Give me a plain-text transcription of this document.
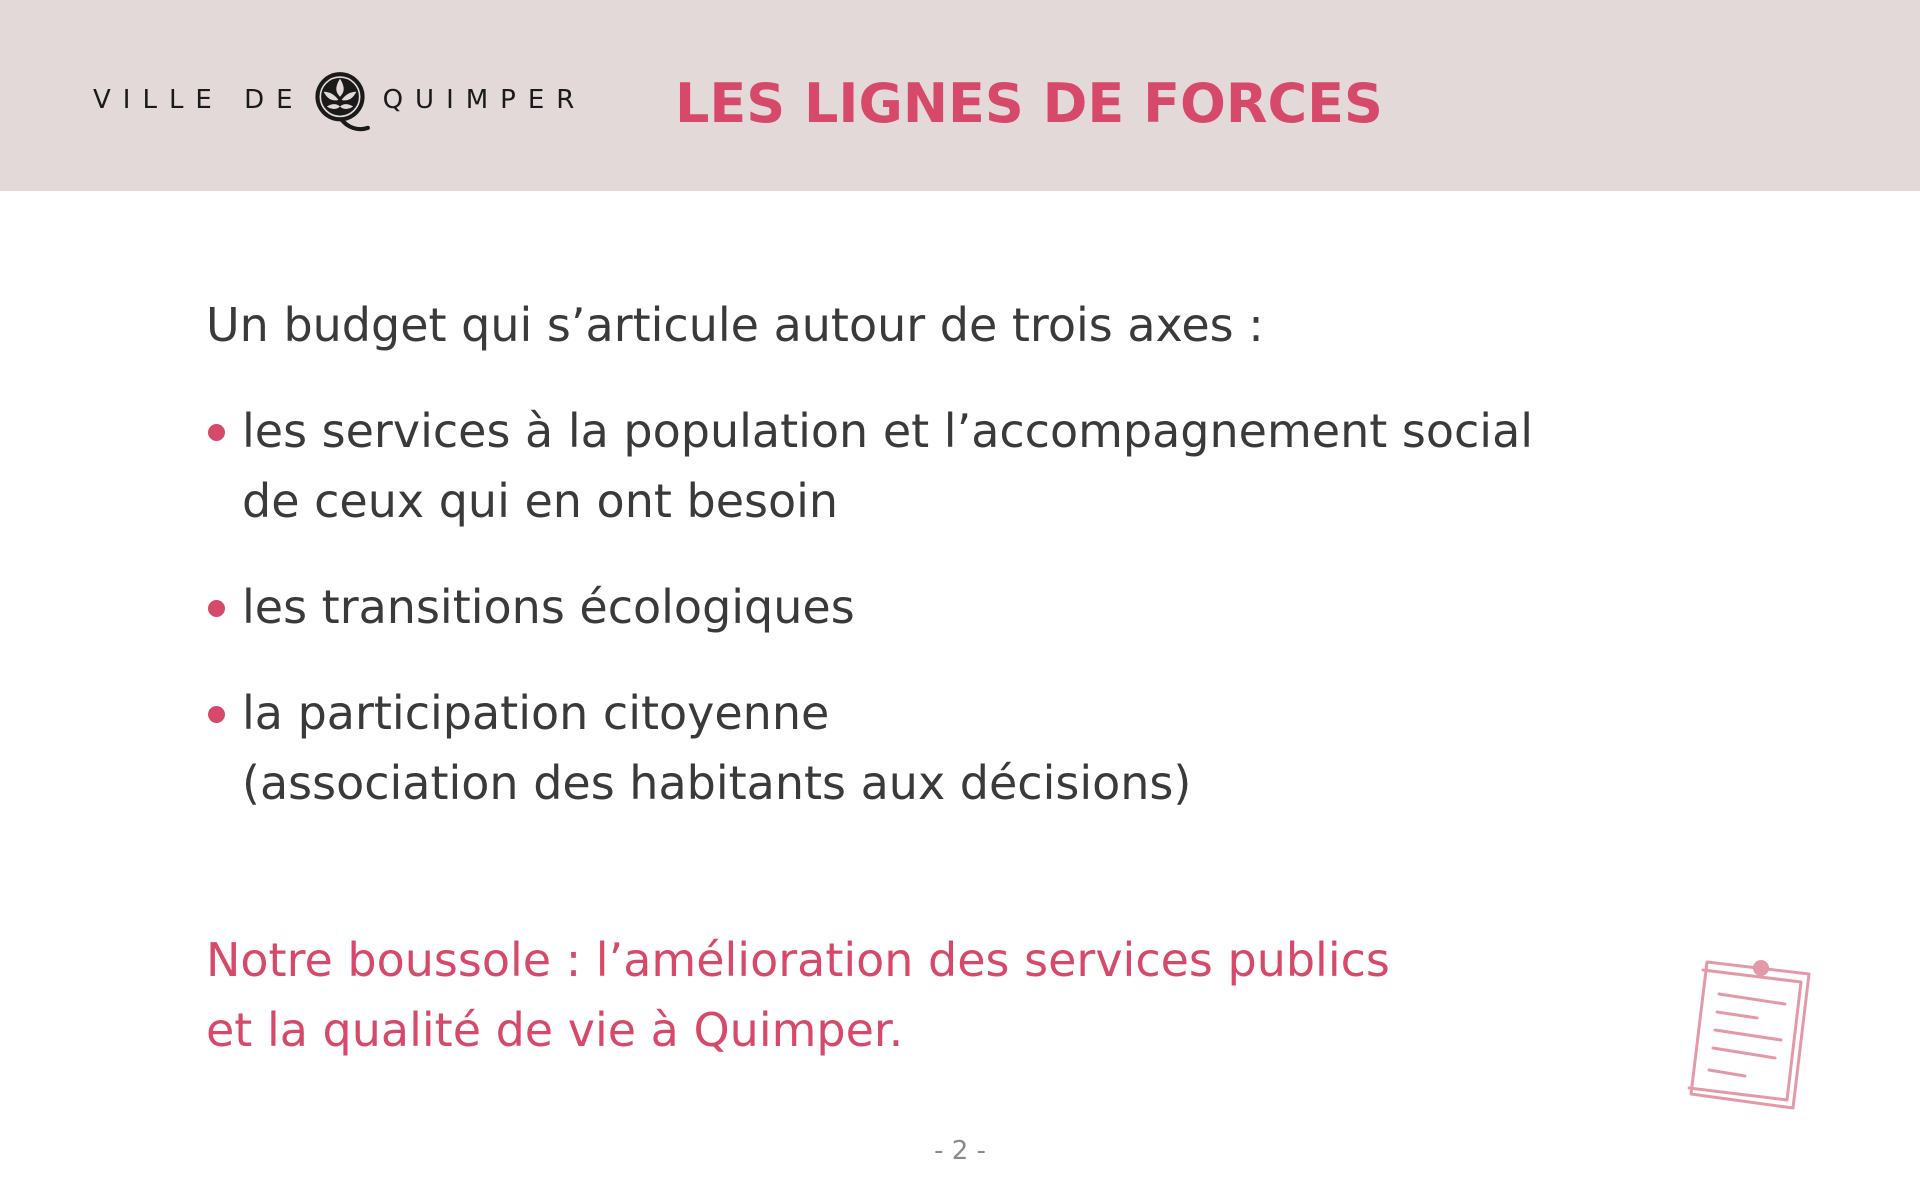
VILLE DE	QUIMPER LES LIGNES DE FORCES

Un budget qui s’articule autour de trois axes :

les services à la population et l’accompagnement social
de ceux qui en ont besoin
les transitions écologiques
la participation citoyenne
(association des habitants aux décisions)
Notre boussole : l’amélioration des services publics
et la qualité de vie à Quimper.
- 2 -
